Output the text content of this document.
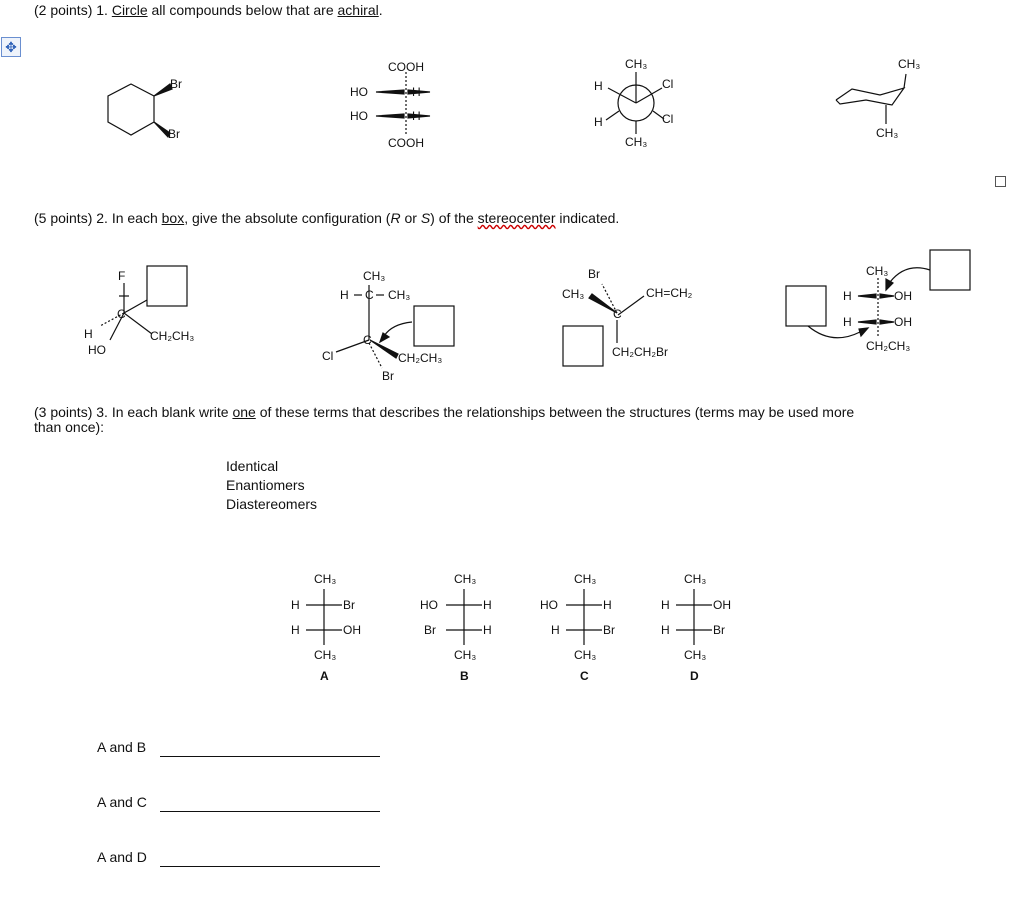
(2 points) 1. Circle all compounds below that are achiral.
✥
(5 points) 2. In each box, give the absolute configuration (R or S) of the stereocenter indicated.
(3 points) 3. In each blank write one of these terms that describes the relationships between the structures (terms may be used more
than once):
Identical
Enantiomers
Diastereomers
A and B
A and C
A and D
Br
Br
COOH
HO	H
HO	H
COOH
CH₃
H	Cl
H	Cl
CH₃
CH₃
CH₃
F
C
H
HO
CH₂CH₃
CH₃
H C CH₃
C
Cl	CH₂CH₃
Br
Br
CH₃
C
CH=CH₂
CH₂CH₂Br
CH₃
H	OH
H	OH
CH₂CH₃
CH₃
H	Br
H	OH
CH₃
A
CH₃
HO	H
Br	H
CH₃
B
CH₃
HO	H
H	Br
CH₃
C
CH₃
H	OH
H	Br
CH₃
D
